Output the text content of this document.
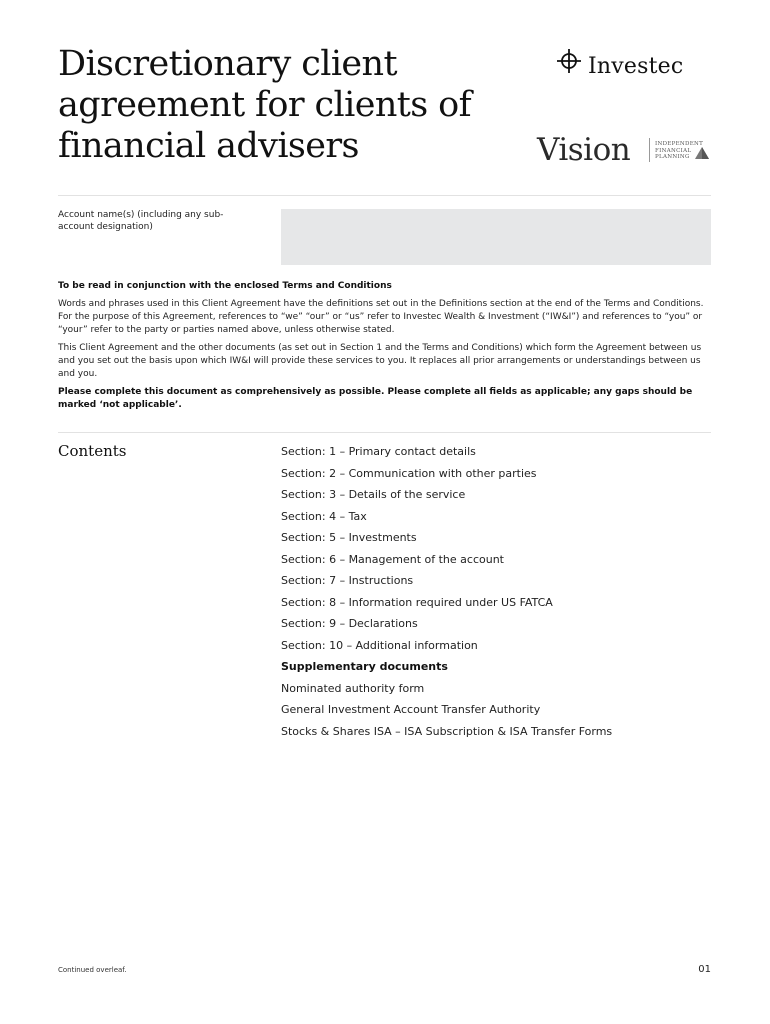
Discretionary client agreement for clients of financial advisers
Investec
Vision	INDEPENDENT FINANCIAL PLANNING
Account name(s) (including any sub-account designation)

To be read in conjunction with the enclosed Terms and Conditions

Words and phrases used in this Client Agreement have the definitions set out in the Definitions section at the end of the Terms and Conditions. For the purpose of this Agreement, references to “we” “our” or “us” refer to Investec Wealth & Investment (“IW&I”) and references to “you” or “your” refer to the party or parties named above, unless otherwise stated.

This Client Agreement and the other documents (as set out in Section 1 and the Terms and Conditions) which form the Agreement between us and you set out the basis upon which IW&I will provide these services to you. It replaces all prior arrangements or understandings between us and you.

Please complete this document as comprehensively as possible. Please complete all fields as applicable; any gaps should be marked ‘not applicable’.

Contents	Section: 1 – Primary contact details
Section: 2 – Communication with other parties
Section: 3 – Details of the service
Section: 4 – Tax
Section: 5 – Investments
Section: 6 – Management of the account
Section: 7 – Instructions
Section: 8 – Information required under US FATCA
Section: 9 – Declarations
Section: 10 – Additional information
Supplementary documents
Nominated authority form
General Investment Account Transfer Authority
Stocks & Shares ISA – ISA Subscription & ISA Transfer Forms
Continued overleaf.	01
